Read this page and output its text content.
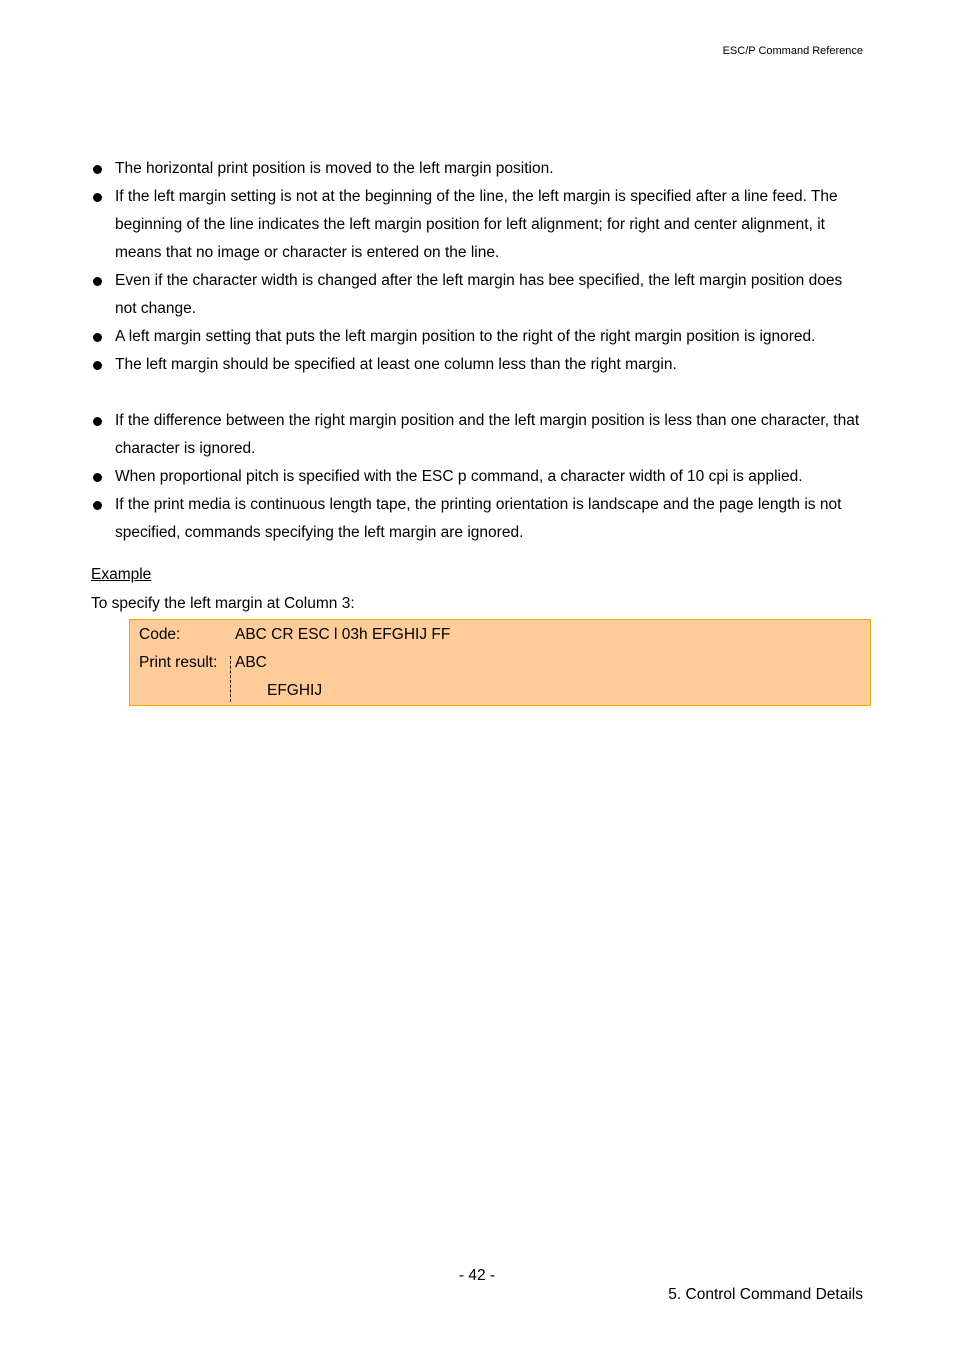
ESC/P Command Reference
The horizontal print position is moved to the left margin position.
If the left margin setting is not at the beginning of the line, the left margin is specified after a line feed. The beginning of the line indicates the left margin position for left alignment; for right and center alignment, it means that no image or character is entered on the line.
Even if the character width is changed after the left margin has bee specified, the left margin position does not change.
A left margin setting that puts the left margin position to the right of the right margin position is ignored.
The left margin should be specified at least one column less than the right margin.
If the difference between the right margin position and the left margin position is less than one character, that character is ignored.
When proportional pitch is specified with the ESC p command, a character width of 10 cpi is applied.
If the print media is continuous length tape, the printing orientation is landscape and the page length is not specified, commands specifying the left margin are ignored.
Example
To specify the left margin at Column 3:
Code:	ABC CR ESC l 03h EFGHIJ FF
Print result: ABC
EFGHIJ
- 42 -
5. Control Command Details
